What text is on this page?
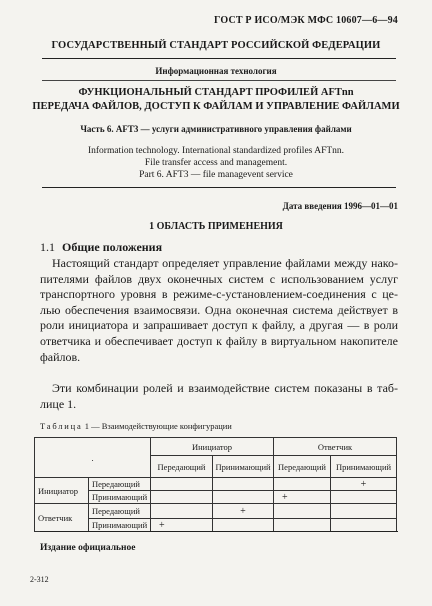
ГОСТ Р ИСО/МЭК МФС 10607—6—94
ГОСУДАРСТВЕННЫЙ СТАНДАРТ РОССИЙСКОЙ ФЕДЕРАЦИИ
Информационная технология
ФУНКЦИОНАЛЬНЫЙ СТАНДАРТ ПРОФИЛЕЙ AFTnn
ПЕРЕДАЧА ФАЙЛОВ, ДОСТУП К ФАЙЛАМ И УПРАВЛЕНИЕ ФАЙЛАМИ
Часть 6. AFT3 — услуги административного управления файлами
Information technology. International standardized profiles AFTnn.
File transfer access and management.
Part 6. AFT3 — file managevent service
Дата введения 1996—01—01
1 ОБЛАСТЬ ПРИМЕНЕНИЯ
1.1 Общие положения
Настоящий стандарт определяет управление файлами между нако-
пителями файлов двух оконечных систем с использованием услуг
транспортного уровня в режиме-с-установлением-соединения с це-
лью обеспечения взаимосвязи. Одна оконечная система действует в
роли инициатора и запрашивает доступ к файлу, а другая — в роли
ответчика и обеспечивает доступ к файлу в виртуальном накопителе
файлов.
Эти комбинации ролей и взаимодействие систем показаны в таб-
лице 1.
Таблица 1 — Взаимодействующие конфигурации
.		Инициатор		Ответчик	
		Передающий	Принимающий	Передающий	Принимающий
Инициатор	Передающий				+
	Принимающий			+	
Ответчик	Передающий		+		
	Принимающий	+			
Издание официальное
2-312
